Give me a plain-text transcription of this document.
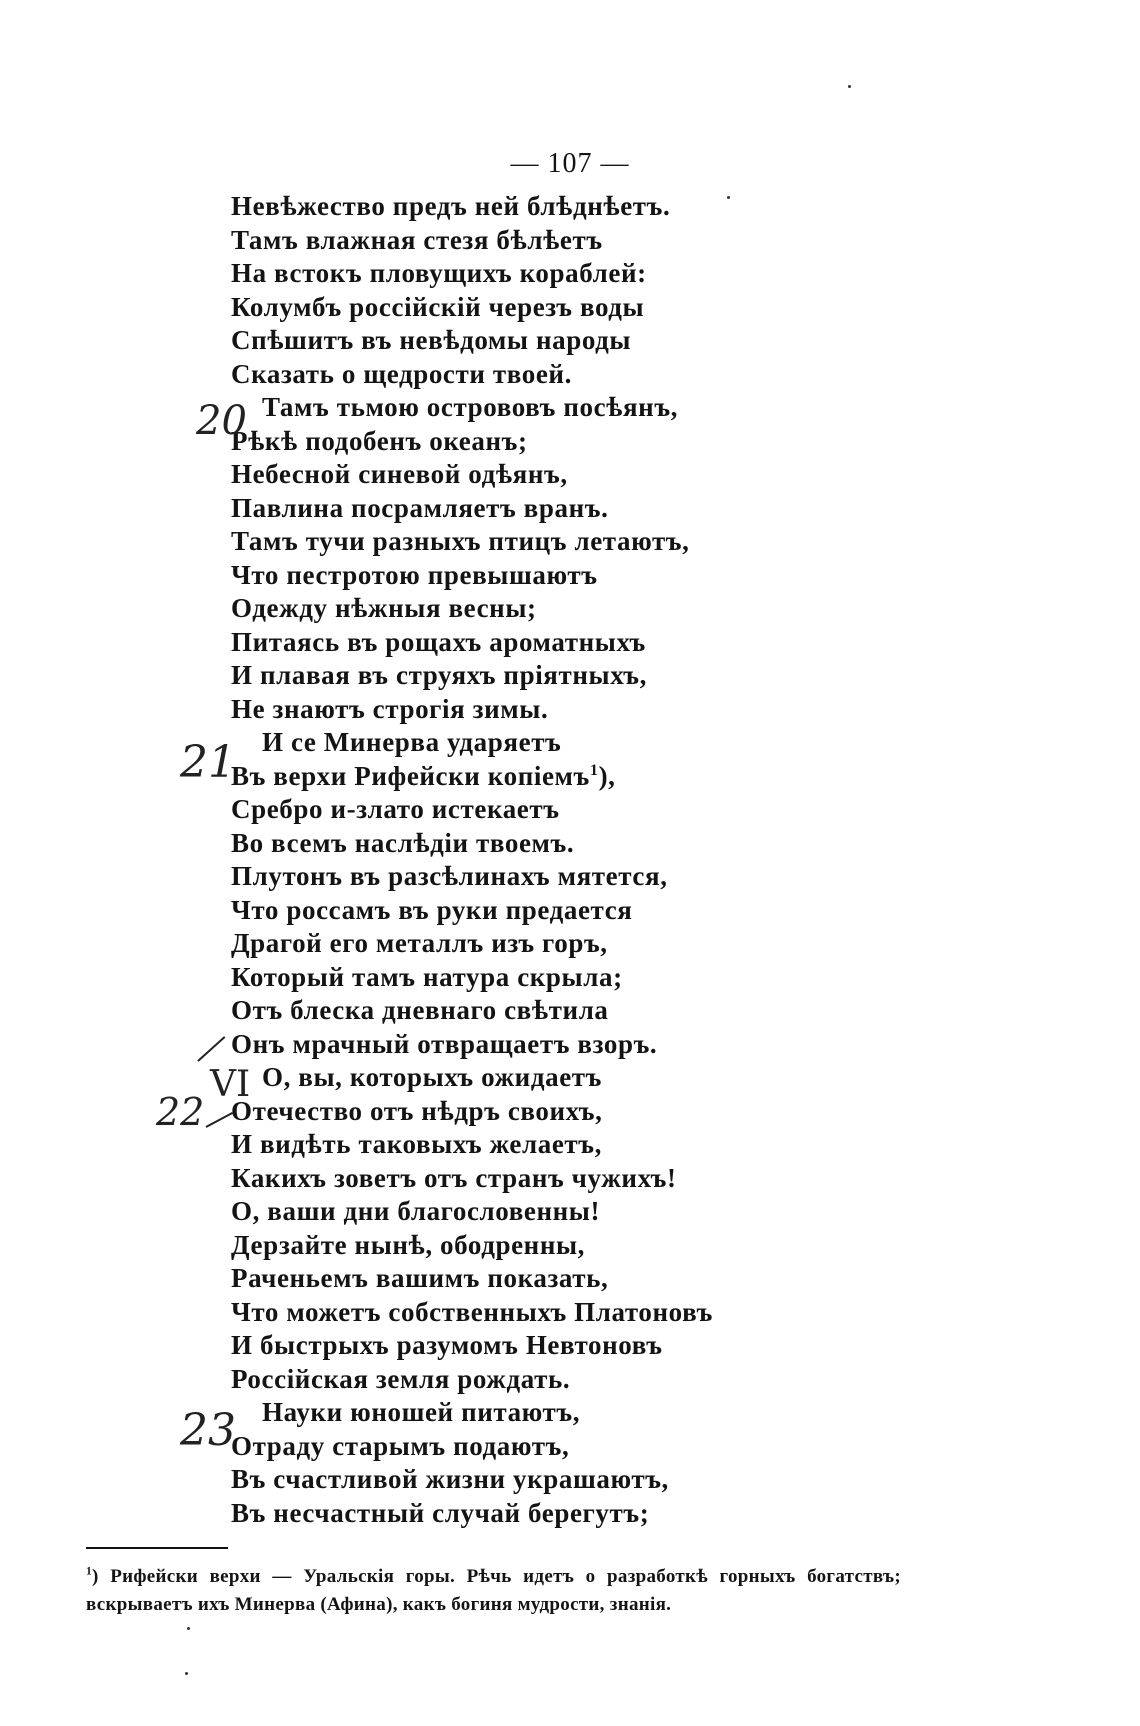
— 107 —
Невѣжество предъ ней блѣднѣетъ.
Тамъ влажная стезя бѣлѣетъ
На встокъ пловущихъ кораблей:
Колумбъ россійскій черезъ воды
Спѣшитъ въ невѣдомы народы
Сказать о щедрости твоей.
Тамъ тьмою острововъ посѣянъ,
Рѣкѣ подобенъ океанъ;
Небесной синевой одѣянъ,
Павлина посрамляетъ вранъ.
Тамъ тучи разныхъ птицъ летаютъ,
Что пестротою превышаютъ
Одежду нѣжныя весны;
Питаясь въ рощахъ ароматныхъ
И плавая въ струяхъ пріятныхъ,
Не знаютъ строгія зимы.
И се Минерва ударяетъ
Въ верхи Рифейски копіемъ$^1$),
Сребро и-злато истекаетъ
Во всемъ наслѣдіи твоемъ.
Плутонъ въ разсѣлинахъ мятется,
Что россамъ въ руки предается
Драгой его металлъ изъ горъ,
Который тамъ натура скрыла;
Отъ блеска дневнаго свѣтила
Онъ мрачный отвращаетъ взоръ.
О, вы, которыхъ ожидаетъ
Отечество отъ нѣдръ своихъ,
И видѣть таковыхъ желаетъ,
Какихъ зоветъ отъ странъ чужихъ!
О, ваши дни благословенны!
Дерзайте нынѣ, ободренны,
Раченьемъ вашимъ показать,
Что можетъ собственныхъ Платоновъ
И быстрыхъ разумомъ Невтоновъ
Россійская земля рождать.
Науки юношей питаютъ,
Отраду старымъ подаютъ,
Въ счастливой жизни украшаютъ,
Въ несчастный случай берегутъ;
20
21
VI
22
23
$^1$) Рифейски верхи — Уральскія горы. Рѣчь идетъ о разработкѣ горныхъ богатствъ; вскрываетъ ихъ Минерва (Афина), какъ богиня мудрости, знанія.
